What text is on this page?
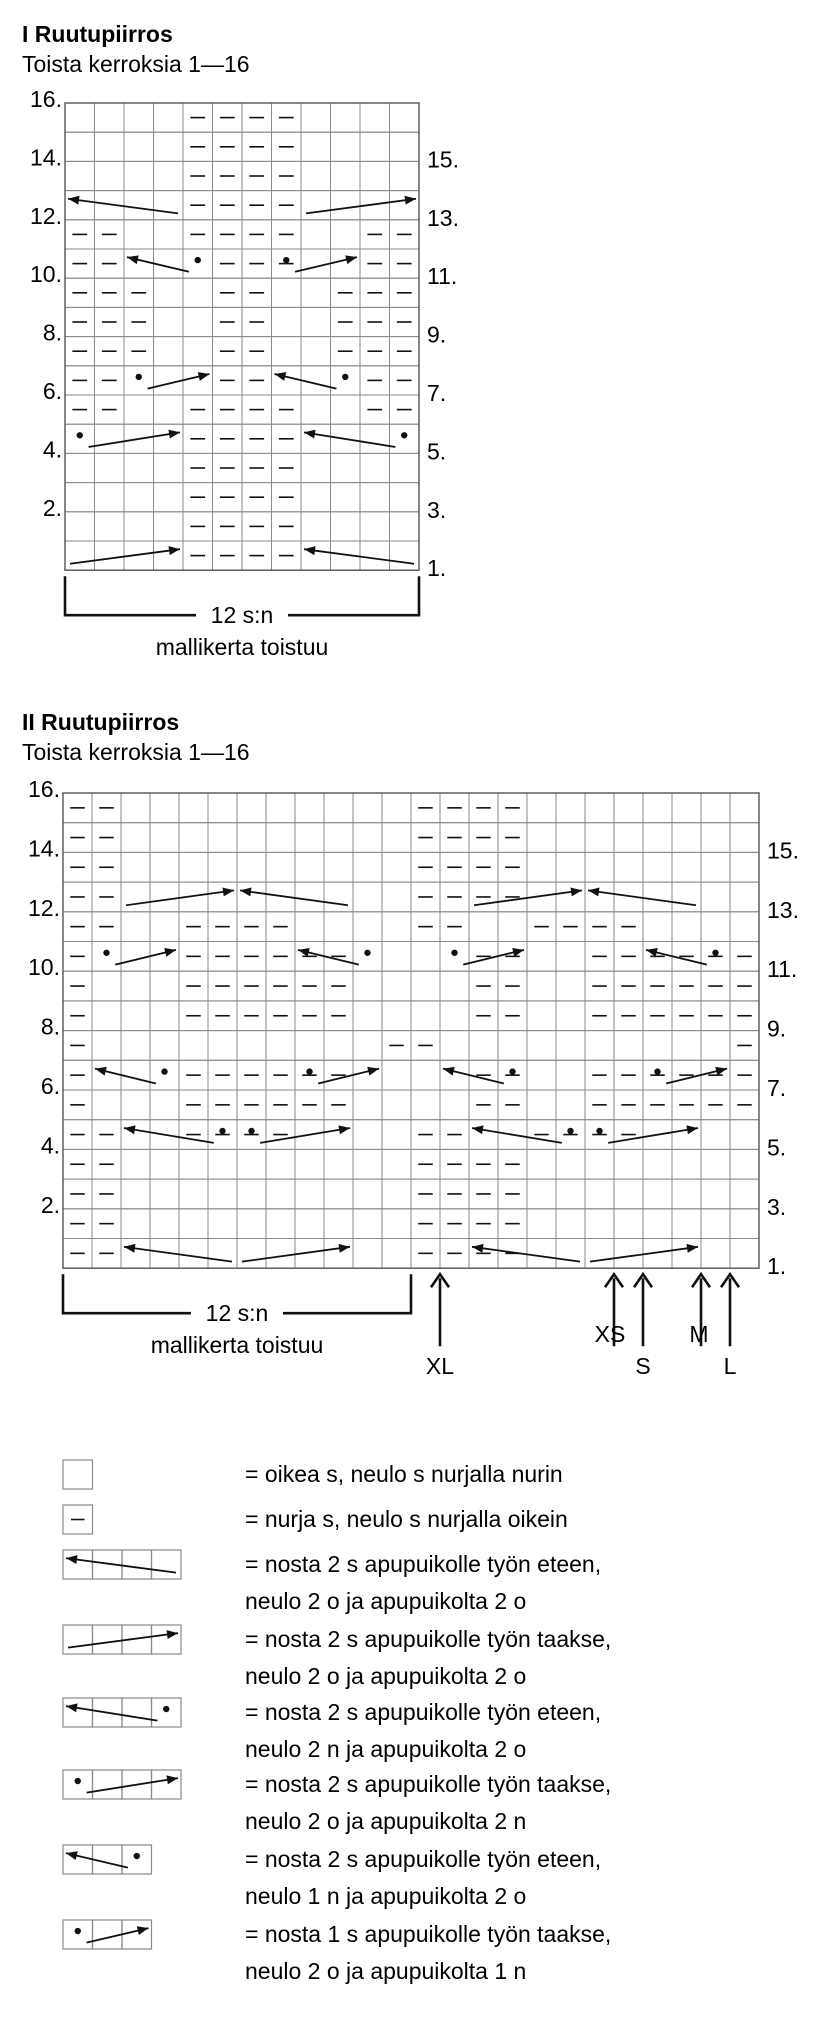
I Ruutupiirros
Toista kerroksia 1—16
2.
4.
6.
8.
10.
12.
14.
16.
1.
3.
5.
7.
9.
11.
13.
15.
12 s:n
mallikerta toistuu
II Ruutupiirros
Toista kerroksia 1—16
2.
4.
6.
8.
10.
12.
14.
16.
1.
3.
5.
7.
9.
11.
13.
15.
12 s:n
mallikerta toistuu
XL
XS
S
M
L
= oikea s, neulo s nurjalla nurin
= nurja s, neulo s nurjalla oikein
= nosta 2 s apupuikolle työn eteen,
neulo 2 o ja apupuikolta 2 o
= nosta 2 s apupuikolle työn taakse,
neulo 2 o ja apupuikolta 2 o
= nosta 2 s apupuikolle työn eteen,
neulo 2 n ja apupuikolta 2 o
= nosta 2 s apupuikolle työn taakse,
neulo 2 o ja apupuikolta 2 n
= nosta 2 s apupuikolle työn eteen,
neulo 1 n ja apupuikolta 2 o
= nosta 1 s apupuikolle työn taakse,
neulo 2 o ja apupuikolta 1 n
